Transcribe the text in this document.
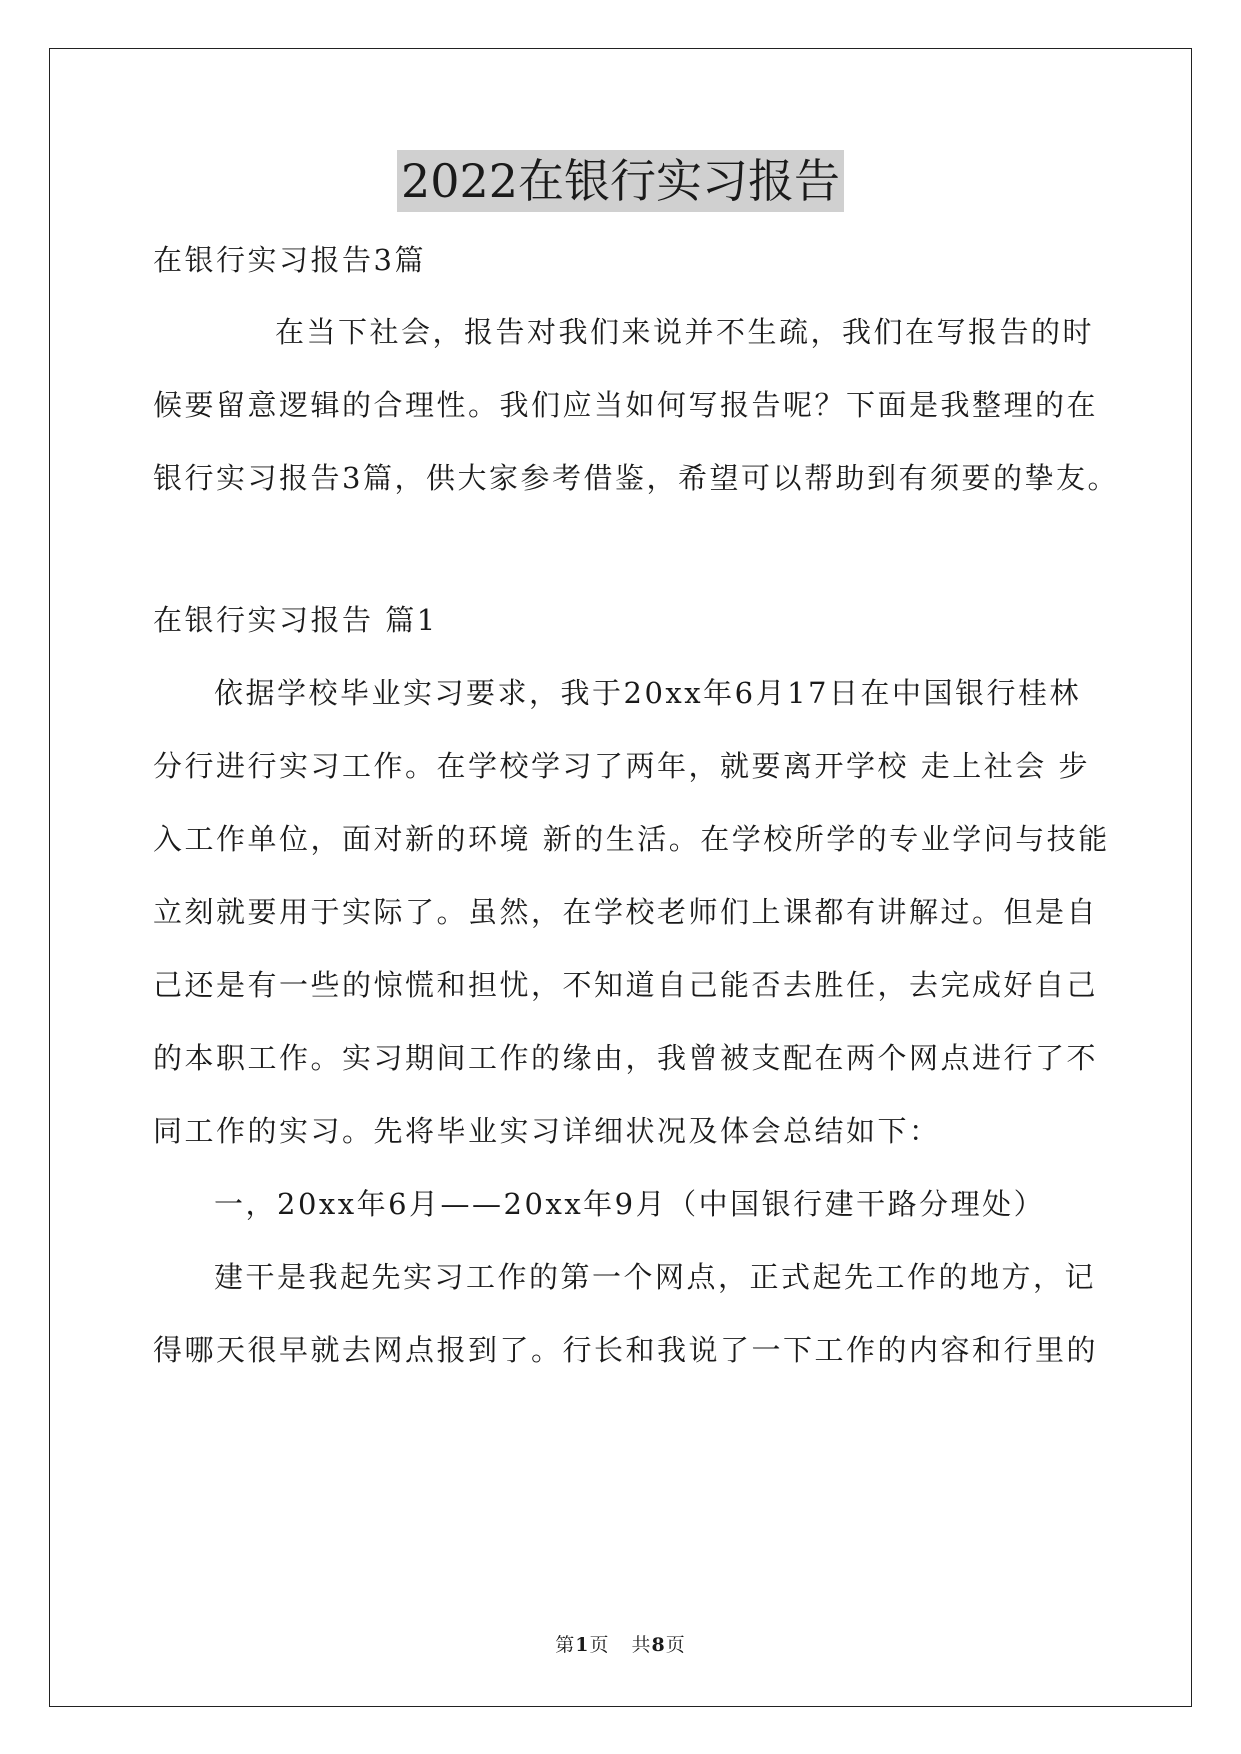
2022在银行实习报告
在银行实习报告3篇
在当下社会，报告对我们来说并不生疏，我们在写报告的时
候要留意逻辑的合理性。我们应当如何写报告呢？下面是我整理的在
银行实习报告3篇，供大家参考借鉴，希望可以帮助到有须要的挚友。
在银行实习报告 篇1
依据学校毕业实习要求，我于20xx年6月17日在中国银行桂林
分行进行实习工作。在学校学习了两年，就要离开学校 走上社会 步
入工作单位，面对新的环境 新的生活。在学校所学的专业学问与技能
立刻就要用于实际了。虽然，在学校老师们上课都有讲解过。但是自
己还是有一些的惊慌和担忧，不知道自己能否去胜任，去完成好自己
的本职工作。实习期间工作的缘由，我曾被支配在两个网点进行了不
同工作的实习。先将毕业实习详细状况及体会总结如下：
一，20xx年6月——20xx年9月（中国银行建干路分理处）
建干是我起先实习工作的第一个网点，正式起先工作的地方，记
得哪天很早就去网点报到了。行长和我说了一下工作的内容和行里的
第1页 共8页
